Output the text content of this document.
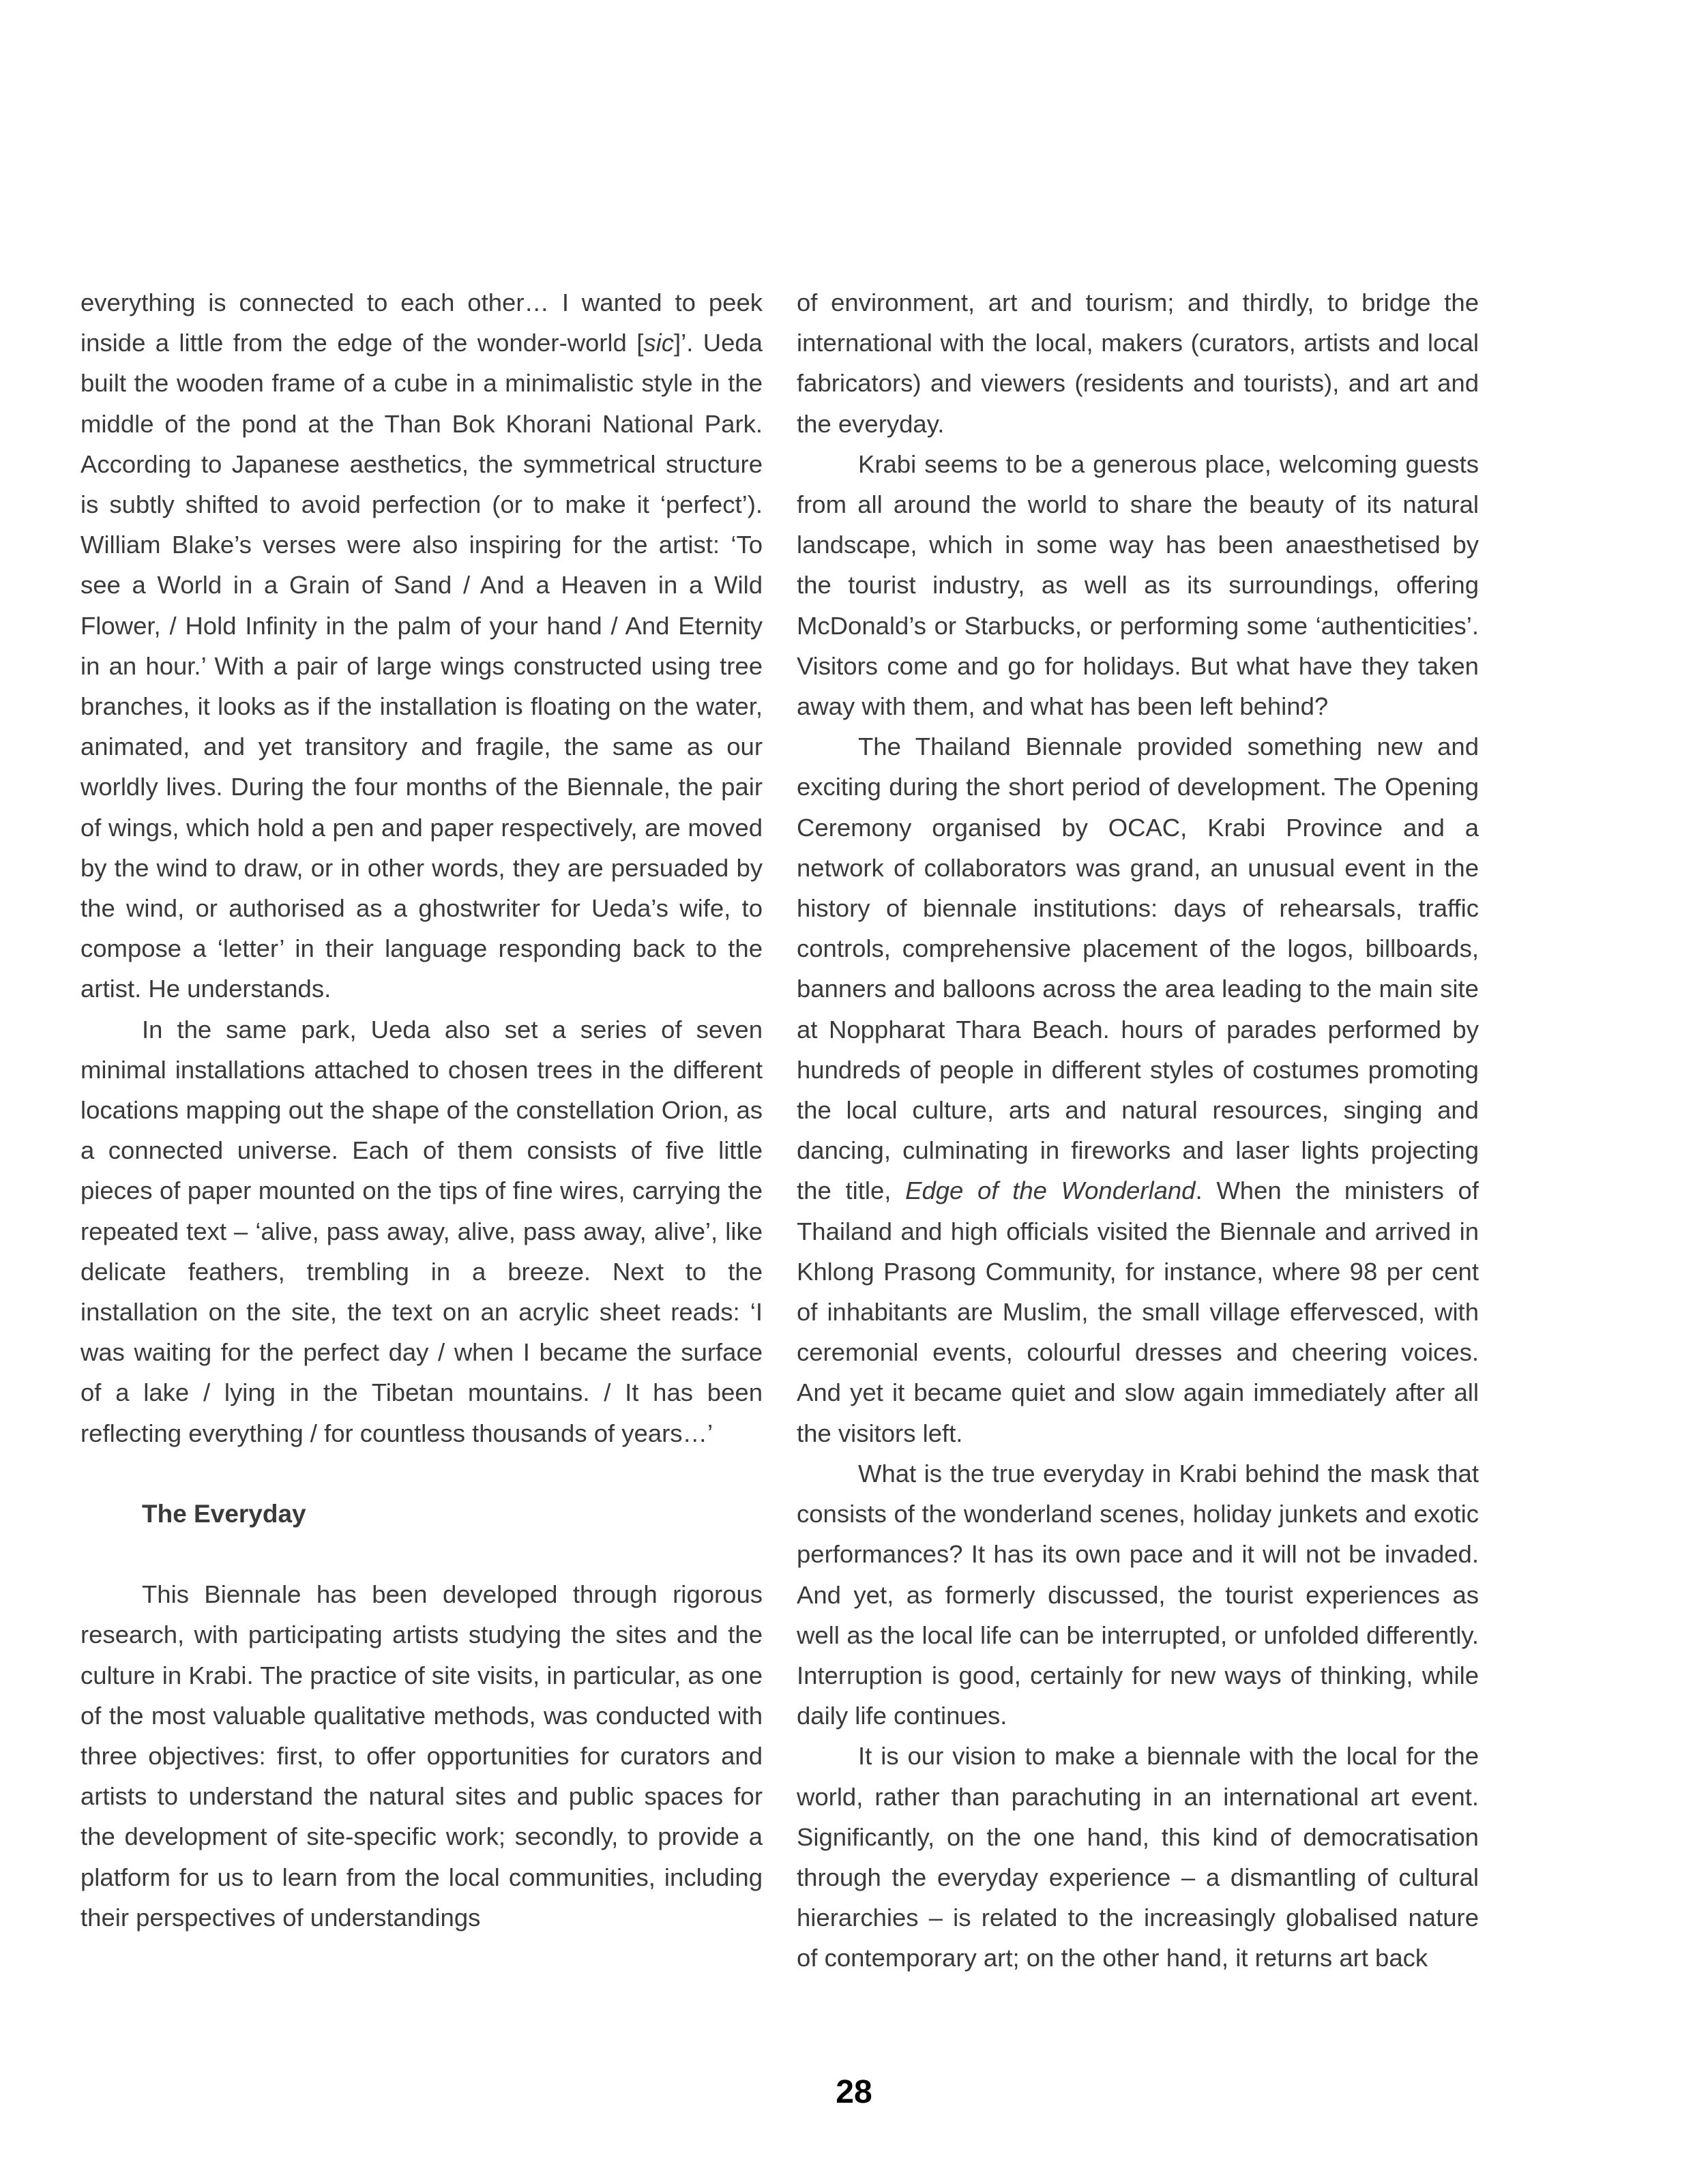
everything is connected to each other… I wanted to peek inside a little from the edge of the wonder-world [sic]’. Ueda built the wooden frame of a cube in a minimalistic style in the middle of the pond at the Than Bok Khorani National Park. According to Japanese aesthetics, the symmetrical structure is subtly shifted to avoid perfection (or to make it ‘perfect’). William Blake’s verses were also inspiring for the artist: ‘To see a World in a Grain of Sand / And a Heaven in a Wild Flower, / Hold Infinity in the palm of your hand / And Eternity in an hour.’ With a pair of large wings constructed using tree branches, it looks as if the installation is floating on the water, animated, and yet transitory and fragile, the same as our worldly lives. During the four months of the Biennale, the pair of wings, which hold a pen and paper respectively, are moved by the wind to draw, or in other words, they are persuaded by the wind, or authorised as a ghostwriter for Ueda’s wife, to compose a ‘letter’ in their language responding back to the artist. He understands.

In the same park, Ueda also set a series of seven minimal installations attached to chosen trees in the different locations mapping out the shape of the constellation Orion, as a connected universe. Each of them consists of five little pieces of paper mounted on the tips of fine wires, carrying the repeated text – ‘alive, pass away, alive, pass away, alive’, like delicate feathers, trembling in a breeze. Next to the installation on the site, the text on an acrylic sheet reads: ‘I was waiting for the perfect day / when I became the surface of a lake / lying in the Tibetan mountains. / It has been reflecting everything / for countless thousands of years…’

The Everyday

This Biennale has been developed through rigorous research, with participating artists studying the sites and the culture in Krabi. The practice of site visits, in particular, as one of the most valuable qualitative methods, was conducted with three objectives: first, to offer opportunities for curators and artists to understand the natural sites and public spaces for the development of site-specific work; secondly, to provide a platform for us to learn from the local communities, including their perspectives of understandings

of environment, art and tourism; and thirdly, to bridge the international with the local, makers (curators, artists and local fabricators) and viewers (residents and tourists), and art and the everyday.

Krabi seems to be a generous place, welcoming guests from all around the world to share the beauty of its natural landscape, which in some way has been anaesthetised by the tourist industry, as well as its surroundings, offering McDonald’s or Starbucks, or performing some ‘authenticities’. Visitors come and go for holidays. But what have they taken away with them, and what has been left behind?

The Thailand Biennale provided something new and exciting during the short period of development. The Opening Ceremony organised by OCAC, Krabi Province and a network of collaborators was grand, an unusual event in the history of biennale institutions: days of rehearsals, traffic controls, comprehensive placement of the logos, billboards, banners and balloons across the area leading to the main site at Noppharat Thara Beach. hours of parades performed by hundreds of people in different styles of costumes promoting the local culture, arts and natural resources, singing and dancing, culminating in fireworks and laser lights projecting the title, Edge of the Wonderland. When the ministers of Thailand and high officials visited the Biennale and arrived in Khlong Prasong Community, for instance, where 98 per cent of inhabitants are Muslim, the small village effervesced, with ceremonial events, colourful dresses and cheering voices. And yet it became quiet and slow again immediately after all the visitors left.

What is the true everyday in Krabi behind the mask that consists of the wonderland scenes, holiday junkets and exotic performances? It has its own pace and it will not be invaded. And yet, as formerly discussed, the tourist experiences as well as the local life can be interrupted, or unfolded differently. Interruption is good, certainly for new ways of thinking, while daily life continues.

It is our vision to make a biennale with the local for the world, rather than parachuting in an international art event. Significantly, on the one hand, this kind of democratisation through the everyday experience – a dismantling of cultural hierarchies – is related to the increasingly globalised nature of contemporary art; on the other hand, it returns art back

28
